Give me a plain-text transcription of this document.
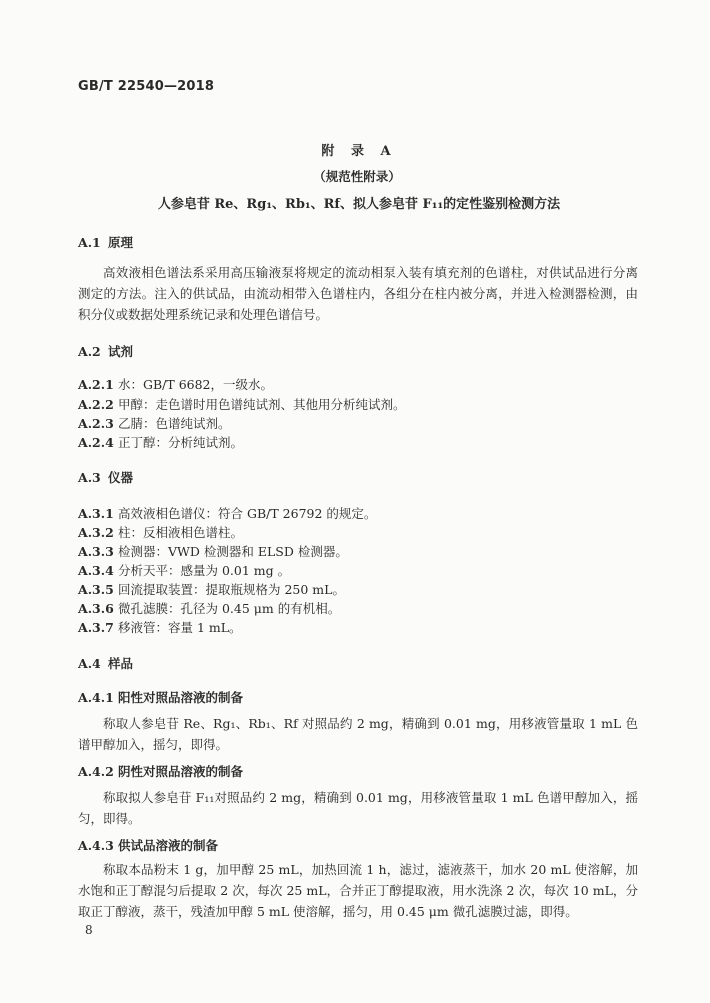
GB/T 22540—2018
附 录 A
（规范性附录）
人参皂苷 Re、Rg₁、Rb₁、Rf、拟人参皂苷 F₁₁的定性鉴别检测方法
A.1 原理
高效液相色谱法系采用高压输液泵将规定的流动相泵入装有填充剂的色谱柱，对供试品进行分离测定的方法。注入的供试品，由流动相带入色谱柱内，各组分在柱内被分离，并进入检测器检测，由积分仪或数据处理系统记录和处理色谱信号。
A.2 试剂
A.2.1 水：GB/T 6682，一级水。
A.2.2 甲醇：走色谱时用色谱纯试剂、其他用分析纯试剂。
A.2.3 乙腈：色谱纯试剂。
A.2.4 正丁醇：分析纯试剂。
A.3 仪器
A.3.1 高效液相色谱仪：符合 GB/T 26792 的规定。
A.3.2 柱：反相液相色谱柱。
A.3.3 检测器：VWD 检测器和 ELSD 检测器。
A.3.4 分析天平：感量为 0.01 mg 。
A.3.5 回流提取装置：提取瓶规格为 250 mL。
A.3.6 微孔滤膜：孔径为 0.45 μm 的有机相。
A.3.7 移液管：容量 1 mL。
A.4 样品
A.4.1 阳性对照品溶液的制备
称取人参皂苷 Re、Rg₁、Rb₁、Rf 对照品约 2 mg，精确到 0.01 mg，用移液管量取 1 mL 色谱甲醇加入，摇匀，即得。
A.4.2 阴性对照品溶液的制备
称取拟人参皂苷 F₁₁对照品约 2 mg，精确到 0.01 mg，用移液管量取 1 mL 色谱甲醇加入，摇匀，即得。
A.4.3 供试品溶液的制备
称取本品粉末 1 g，加甲醇 25 mL，加热回流 1 h，滤过，滤液蒸干，加水 20 mL 使溶解，加水饱和正丁醇混匀后提取 2 次，每次 25 mL，合并正丁醇提取液，用水洗涤 2 次，每次 10 mL，分取正丁醇液，蒸干，残渣加甲醇 5 mL 使溶解，摇匀，用 0.45 μm 微孔滤膜过滤，即得。
8
